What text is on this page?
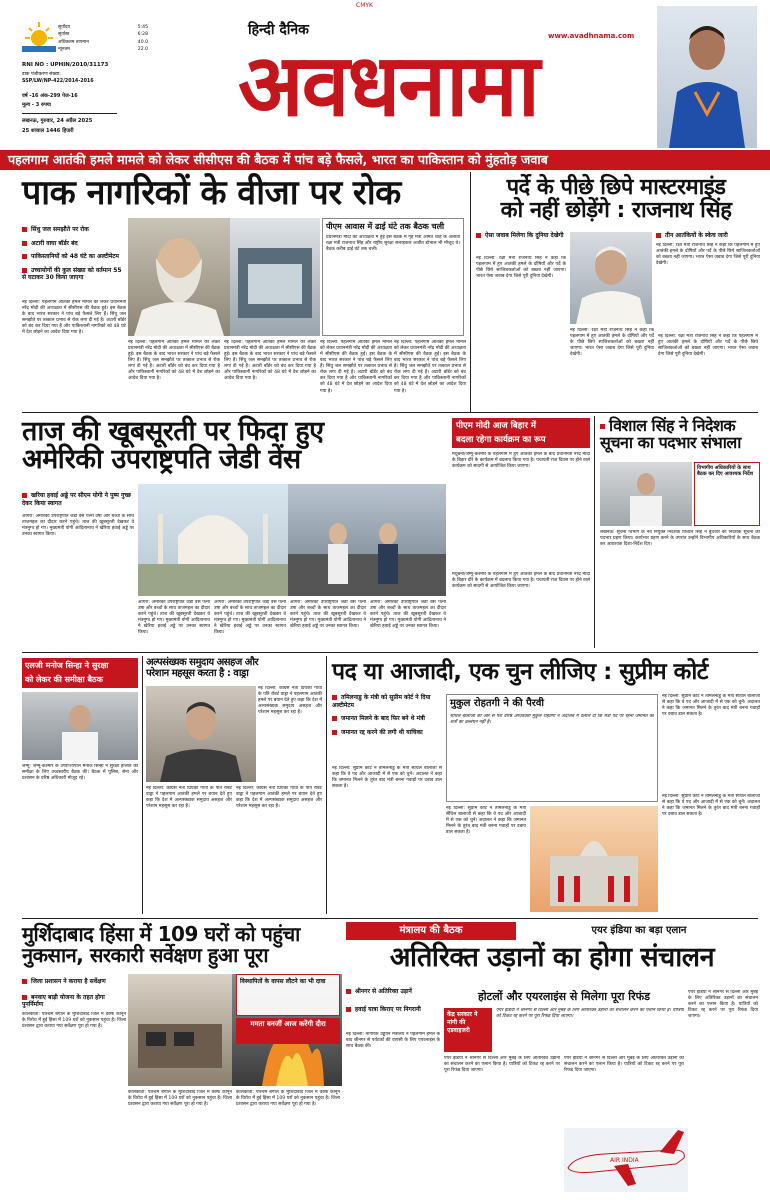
CMYK
सूर्योदय	5:45
सूर्यास्त	6:28
अधिकतम तापमान	40.0
न्यूनतम	22.0
RNI NO : UPHIN/2010/31173
डाक पंजीकरण संख्या:
SSP/LW/NP-422/2014-2016
वर्ष -16 अंक-299 पेज-16
मूल्य - 3 रुपया
लखनऊ, गुरुवार, 24 अप्रैल 2025
25 शव्वाल 1446 हिजरी
हिन्दी दैनिक
अवधनामा	www.avadhnama.com
पहलगाम आतंकी हमले मामले को लेकर सीसीएस की बैठक में पांच बड़े फैसले, भारत का पाकिस्तान को मुंहतोड़ जवाब
पाक नागरिकों के वीजा पर रोक
सिंधु जल समझौते पर रोक
अटारी वाघा बॉर्डर बंद
पाकिस्तानियों को 48 घंटे का अल्टीमेटम
उच्चायोगों की कुल संख्या को वर्तमान 55 से घटाकर 30 किया जाएगा
पीएम आवास में ढाई घंटे तक बैठक चली
प्रधानमंत्री मोदी की अध्यक्षता में हुई इस बैठक में गृह मंत्री अमित शाह के अलावा रक्षा मंत्री राजनाथ सिंह और राष्ट्रीय सुरक्षा सलाहकार अजीत डोभाल भी मौजूद थे। बैठक करीब ढाई घंटे तक चली।
नई दिल्ली: पहलगाम आतंकी हमले मामले को लेकर प्रधानमंत्री नरेंद्र मोदी की अध्यक्षता में सीसीएस की बैठक हुई। इस बैठक के बाद भारत सरकार ने पांच बड़े फैसले लिए हैं। सिंधु जल समझौते पर तत्काल प्रभाव से रोक लगा दी गई है। अटारी बॉर्डर को बंद कर दिया गया है और पाकिस्तानी नागरिकों को 48 घंटे में देश छोड़ने का आदेश दिया गया है।
नई दिल्ली: पहलगाम आतंकी हमले मामले को लेकर प्रधानमंत्री नरेंद्र मोदी की अध्यक्षता में सीसीएस की बैठक हुई। इस बैठक के बाद भारत सरकार ने पांच बड़े फैसले लिए हैं। सिंधु जल समझौते पर तत्काल प्रभाव से रोक लगा दी गई है। अटारी बॉर्डर को बंद कर दिया गया है और पाकिस्तानी नागरिकों को 48 घंटे में देश छोड़ने का आदेश दिया गया है।
नई दिल्ली: पहलगाम आतंकी हमले मामले को लेकर प्रधानमंत्री नरेंद्र मोदी की अध्यक्षता में सीसीएस की बैठक हुई। इस बैठक के बाद भारत सरकार ने पांच बड़े फैसले लिए हैं। सिंधु जल समझौते पर तत्काल प्रभाव से रोक लगा दी गई है। अटारी बॉर्डर को बंद कर दिया गया है और पाकिस्तानी नागरिकों को 48 घंटे में देश छोड़ने का आदेश दिया गया है।
नई दिल्ली: पहलगाम आतंकी हमले मामले को लेकर प्रधानमंत्री नरेंद्र मोदी की अध्यक्षता में सीसीएस की बैठक हुई। इस बैठक के बाद भारत सरकार ने पांच बड़े फैसले लिए हैं। सिंधु जल समझौते पर तत्काल प्रभाव से रोक लगा दी गई है। अटारी बॉर्डर को बंद कर दिया गया है और पाकिस्तानी नागरिकों को 48 घंटे में देश छोड़ने का आदेश दिया गया है।
नई दिल्ली: पहलगाम आतंकी हमले मामले को लेकर प्रधानमंत्री नरेंद्र मोदी की अध्यक्षता में सीसीएस की बैठक हुई। इस बैठक के बाद भारत सरकार ने पांच बड़े फैसले लिए हैं। सिंधु जल समझौते पर तत्काल प्रभाव से रोक लगा दी गई है। अटारी बॉर्डर को बंद कर दिया गया है और पाकिस्तानी नागरिकों को 48 घंटे में देश छोड़ने का आदेश दिया गया है।
पर्दे के पीछे छिपे मास्टरमाइंड
को नहीं छोड़ेंगे : राजनाथ सिंह
ऐसा जवाब मिलेगा कि दुनिया देखेगी	तीन आतंकियों के स्केच जारी
नई दिल्ली: रक्षा मंत्री राजनाथ सिंह ने कहा कि पहलगाम में हुए आतंकी हमले के दोषियों और पर्दे के पीछे छिपे साजिशकर्ताओं को बख्शा नहीं जाएगा। भारत ऐसा जवाब देगा जिसे पूरी दुनिया देखेगी।
नई दिल्ली: रक्षा मंत्री राजनाथ सिंह ने कहा कि पहलगाम में हुए आतंकी हमले के दोषियों और पर्दे के पीछे छिपे साजिशकर्ताओं को बख्शा नहीं जाएगा। भारत ऐसा जवाब देगा जिसे पूरी दुनिया देखेगी।
नई दिल्ली: रक्षा मंत्री राजनाथ सिंह ने कहा कि पहलगाम में हुए आतंकी हमले के दोषियों और पर्दे के पीछे छिपे साजिशकर्ताओं को बख्शा नहीं जाएगा। भारत ऐसा जवाब देगा जिसे पूरी दुनिया देखेगी।
नई दिल्ली: रक्षा मंत्री राजनाथ सिंह ने कहा कि पहलगाम में हुए आतंकी हमले के दोषियों और पर्दे के पीछे छिपे साजिशकर्ताओं को बख्शा नहीं जाएगा। भारत ऐसा जवाब देगा जिसे पूरी दुनिया देखेगी।
ताज की खूबसूरती पर फिदा हुए
अमेरिकी उपराष्ट्रपति जेडी वेंस
खरिया हवाई अड्डे पर सीएम योगी ने पुष्प गुच्छ देकर किया स्वागत
आगरा: अमेरिकी उपराष्ट्रपति जेडी वेंस पत्नी उषा और बच्चों के साथ ताजमहल का दीदार करने पहुंचे। ताज की खूबसूरती देखकर वे मंत्रमुग्ध हो गए। मुख्यमंत्री योगी आदित्यनाथ ने खेरिया हवाई अड्डे पर उनका स्वागत किया।
आगरा: अमेरिकी उपराष्ट्रपति जेडी वेंस पत्नी उषा और बच्चों के साथ ताजमहल का दीदार करने पहुंचे। ताज की खूबसूरती देखकर वे मंत्रमुग्ध हो गए। मुख्यमंत्री योगी आदित्यनाथ ने खेरिया हवाई अड्डे पर उनका स्वागत किया।
आगरा: अमेरिकी उपराष्ट्रपति जेडी वेंस पत्नी उषा और बच्चों के साथ ताजमहल का दीदार करने पहुंचे। ताज की खूबसूरती देखकर वे मंत्रमुग्ध हो गए। मुख्यमंत्री योगी आदित्यनाथ ने खेरिया हवाई अड्डे पर उनका स्वागत किया।
आगरा: अमेरिकी उपराष्ट्रपति जेडी वेंस पत्नी उषा और बच्चों के साथ ताजमहल का दीदार करने पहुंचे। ताज की खूबसूरती देखकर वे मंत्रमुग्ध हो गए। मुख्यमंत्री योगी आदित्यनाथ ने खेरिया हवाई अड्डे पर उनका स्वागत किया।
आगरा: अमेरिकी उपराष्ट्रपति जेडी वेंस पत्नी उषा और बच्चों के साथ ताजमहल का दीदार करने पहुंचे। ताज की खूबसूरती देखकर वे मंत्रमुग्ध हो गए। मुख्यमंत्री योगी आदित्यनाथ ने खेरिया हवाई अड्डे पर उनका स्वागत किया।
पीएम मोदी आज बिहार में
बदला रहेगा कार्यक्रम का रूप
मधुबनी/जम्मू-कश्मीर के पहलगाम में हुए आतंकी हमले के बाद प्रधानमंत्री नरेंद्र मोदी के बिहार दौरे के कार्यक्रम में बदलाव किया गया है। पंचायती राज दिवस पर होने वाले कार्यक्रम को सादगी से आयोजित किया जाएगा।
मधुबनी/जम्मू-कश्मीर के पहलगाम में हुए आतंकी हमले के बाद प्रधानमंत्री नरेंद्र मोदी के बिहार दौरे के कार्यक्रम में बदलाव किया गया है। पंचायती राज दिवस पर होने वाले कार्यक्रम को सादगी से आयोजित किया जाएगा।
विशाल सिंह ने निदेशक
सूचना का पदभार संभाला
विभागीय अधिकारियों के साथ बैठक कर दिए आवश्यक निर्देश
लखनऊ: सूचना विभाग के नव नियुक्त निदेशक विशाल सिंह ने बुधवार को निदेशक सूचना का पदभार ग्रहण किया। कार्यभार ग्रहण करने के उपरांत उन्होंने विभागीय अधिकारियों के साथ बैठक कर आवश्यक दिशा-निर्देश दिए।
एलजी मनोज सिन्हा ने सुरक्षा
को लेकर की समीक्षा बैठक
जम्मू: जम्मू-कश्मीर के उपराज्यपाल मनोज सिन्हा ने सुरक्षा हालात की समीक्षा के लिए उच्चस्तरीय बैठक की। बैठक में पुलिस, सेना और प्रशासन के वरिष्ठ अधिकारी मौजूद रहे।
अल्पसंख्यक समुदाय असहज और
परेशान महसूस करता है : वाड्रा
नई दिल्ली: कांग्रेस नेता प्रियंका गांधी के पति रॉबर्ट वाड्रा ने पहलगाम आतंकी हमले पर बयान देते हुए कहा कि देश में अल्पसंख्यक समुदाय असहज और परेशान महसूस कर रहा है।
नई दिल्ली: कांग्रेस नेता प्रियंका गांधी के पति रॉबर्ट वाड्रा ने पहलगाम आतंकी हमले पर बयान देते हुए कहा कि देश में अल्पसंख्यक समुदाय असहज और परेशान महसूस कर रहा है।
नई दिल्ली: कांग्रेस नेता प्रियंका गांधी के पति रॉबर्ट वाड्रा ने पहलगाम आतंकी हमले पर बयान देते हुए कहा कि देश में अल्पसंख्यक समुदाय असहज और परेशान महसूस कर रहा है।
पद या आजादी, एक चुन लीजिए : सुप्रीम कोर्ट
तमिलनाडु के मंत्री को सुप्रीम कोर्ट ने दिया अल्टीमेटम
जमानत मिलने के बाद फिर बने थे मंत्री
जमानत रद्द करने की लगी थी याचिका
मुकुल रोहतगी ने की पैरवी
सेंथिल बालाजी की ओर से पेश वरिष्ठ अधिवक्ता मुकुल रोहतगी ने अदालत में दलील दी कि मंत्री पद पर रहना जमानत की शर्तों का उल्लंघन नहीं है।
नई दिल्ली: सुप्रीम कोर्ट ने तमिलनाडु के मंत्री सेंथिल बालाजी से कहा कि वे पद और आजादी में से एक को चुनें। अदालत ने कहा कि जमानत मिलने के तुरंत बाद मंत्री बनना गवाहों पर दबाव डाल सकता है।
नई दिल्ली: सुप्रीम कोर्ट ने तमिलनाडु के मंत्री सेंथिल बालाजी से कहा कि वे पद और आजादी में से एक को चुनें। अदालत ने कहा कि जमानत मिलने के तुरंत बाद मंत्री बनना गवाहों पर दबाव डाल सकता है।
नई दिल्ली: सुप्रीम कोर्ट ने तमिलनाडु के मंत्री सेंथिल बालाजी से कहा कि वे पद और आजादी में से एक को चुनें। अदालत ने कहा कि जमानत मिलने के तुरंत बाद मंत्री बनना गवाहों पर दबाव डाल सकता है।
नई दिल्ली: सुप्रीम कोर्ट ने तमिलनाडु के मंत्री सेंथिल बालाजी से कहा कि वे पद और आजादी में से एक को चुनें। अदालत ने कहा कि जमानत मिलने के तुरंत बाद मंत्री बनना गवाहों पर दबाव डाल सकता है।
मुर्शिदाबाद हिंसा में 109 घरों को पहुंचा
नुकसान, सरकारी सर्वेक्षण हुआ पूरा
जिला प्रशासन ने कराया है सर्वेक्षण
बनवाए बाड़ी योजना के तहत होगा पुनर्निर्माण
विस्थापितों के वापस लौटने का भी दावा
ममता बनर्जी आज करेंगी दौरा
कोलकाता: पश्चिम बंगाल के मुर्शिदाबाद जिले में वक्फ कानून के विरोध में हुई हिंसा में 109 घरों को नुकसान पहुंचा है। जिला प्रशासन द्वारा कराया गया सर्वेक्षण पूरा हो गया है।
कोलकाता: पश्चिम बंगाल के मुर्शिदाबाद जिले में वक्फ कानून के विरोध में हुई हिंसा में 109 घरों को नुकसान पहुंचा है। जिला प्रशासन द्वारा कराया गया सर्वेक्षण पूरा हो गया है।
कोलकाता: पश्चिम बंगाल के मुर्शिदाबाद जिले में वक्फ कानून के विरोध में हुई हिंसा में 109 घरों को नुकसान पहुंचा है। जिला प्रशासन द्वारा कराया गया सर्वेक्षण पूरा हो गया है।
मंत्रालय की बैठक	एयर इंडिया का बड़ा एलान
अतिरिक्त उड़ानों का होगा संचालन
श्रीनगर से अतिरिक्त उड़ानें
हवाई यात्रा किराए पर निगरानी
नई दिल्ली: नागरिक उड्डयन मंत्रालय ने पहलगाम हमले के बाद श्रीनगर से पर्यटकों की वापसी के लिए एयरलाइंस के साथ बैठक की।
होटलों और एयरलाइंस से मिलेगा पूरा रिफंड
केंद्र सरकार ने मांगी की एडवाइजरी
एयर इंडिया ने श्रीनगर से दिल्ली और मुंबई के लिए अतिरिक्त उड़ानों का संचालन करने का एलान किया है। यात्रियों को टिकट रद्द करने पर पूरा रिफंड दिया जाएगा।
एयर इंडिया ने श्रीनगर से दिल्ली और मुंबई के लिए अतिरिक्त उड़ानों का संचालन करने का एलान किया है। यात्रियों को टिकट रद्द करने पर पूरा रिफंड दिया जाएगा।
एयर इंडिया ने श्रीनगर से दिल्ली और मुंबई के लिए अतिरिक्त उड़ानों का संचालन करने का एलान किया है। यात्रियों को टिकट रद्द करने पर पूरा रिफंड दिया जाएगा।
एयर इंडिया ने श्रीनगर से दिल्ली और मुंबई के लिए अतिरिक्त उड़ानों का संचालन करने का एलान किया है। यात्रियों को टिकट रद्द करने पर पूरा रिफंड दिया जाएगा।
AIR INDIA
